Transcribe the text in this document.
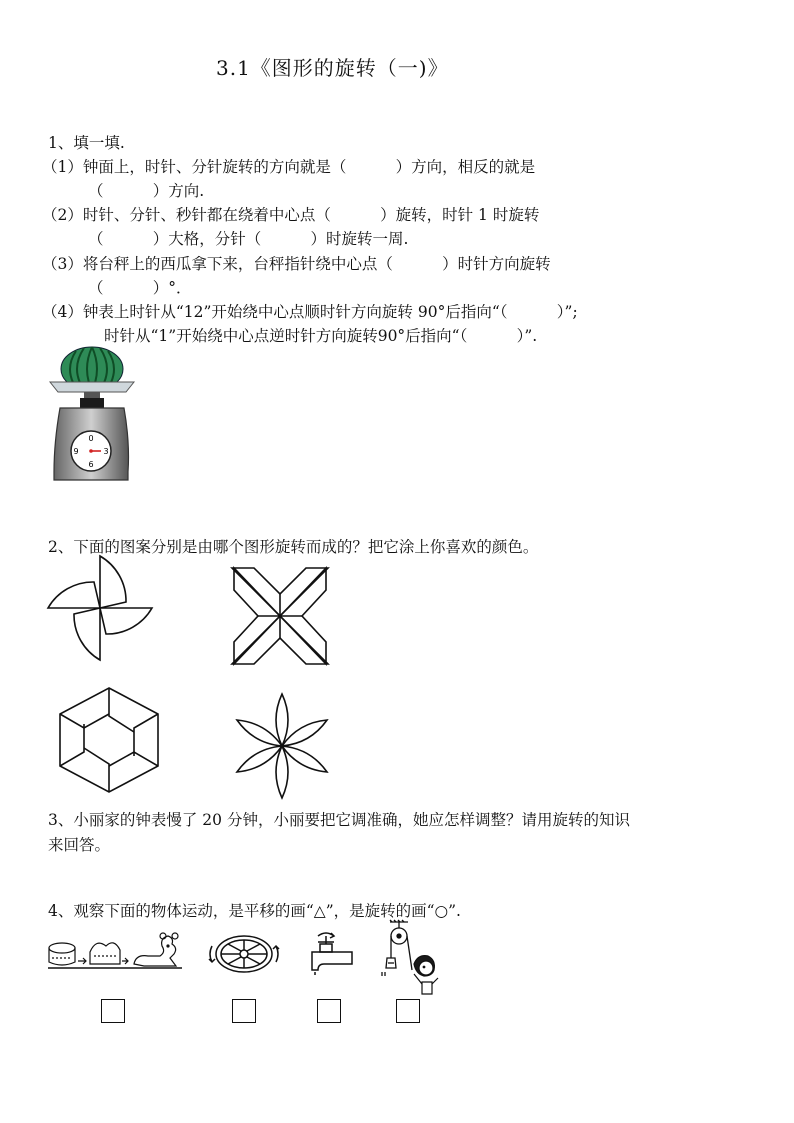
3.1《图形的旋转（一)》
1、填一填.
（1）钟面上，时针、分针旋转的方向就是（          ）方向，相反的就是
（          ）方向.
（2）时针、分针、秒针都在绕着中心点（          ）旋转，时针 1 时旋转
（          ）大格，分针（          ）时旋转一周.
（3）将台秤上的西瓜拿下来，台秤指针绕中心点（          ）时针方向旋转
（          ）°．
（4）钟表上时针从“12”开始绕中心点顺时针方向旋转 90°后指向“（          ）”;
时针从“1”开始绕中心点逆时针方向旋转90°后指向“（          ）”.
0
3
6
9
2、下面的图案分别是由哪个图形旋转而成的？把它涂上你喜欢的颜色。
3、小丽家的钟表慢了 20 分钟，小丽要把它调准确，她应怎样调整？请用旋转的知识
来回答。
4、观察下面的物体运动，是平移的画“△”，是旋转的画“○”.
